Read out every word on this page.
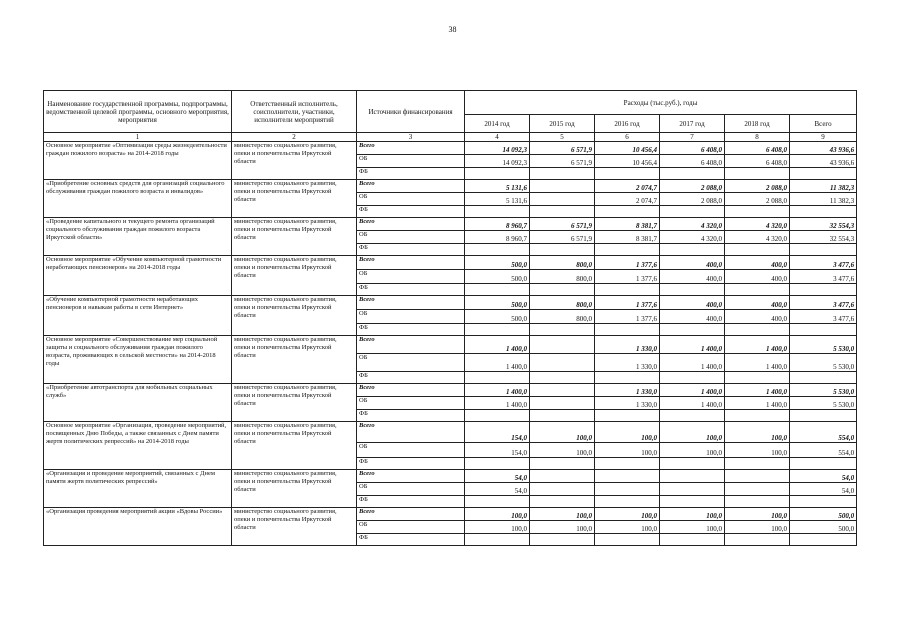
38
Наименование государственной программы, подпрограммы, ведомственной целевой программы, основного мероприятия, мероприятия	Ответственный исполнитель, соисполнители, участники, исполнители мероприятий	Источники финансирования	Расходы (тыс.руб.), годы					
			2014 год	2015 год	2016 год	2017 год	2018 год	Всего
1	2	3	4	5	6	7	8	9
Основное мероприятие «Оптимизация среды жизнедеятельности граждан пожилого возраста» на 2014-2018 годы	министерство социального развития, опеки и попечительства Иркутской области	Всего	14 092,3	6 571,9	10 456,4	6 408,0	6 408,0	43 936,6
		ОБ	14 092,3	6 571,9	10 456,4	6 408,0	6 408,0	43 936,6
		ФБ						
«Приобретение основных средств для организаций социального обслуживания граждан пожилого возраста и инвалидов»	министерство социального развития, опеки и попечительства Иркутской области	Всего	5 131,6		2 074,7	2 088,0	2 088,0	11 382,3
		ОБ	5 131,6		2 074,7	2 088,0	2 088,0	11 382,3
		ФБ						
«Проведение капитального и текущего ремонта организаций социального обслуживания граждан пожилого возраста Иркутской области»	министерство социального развития, опеки и попечительства Иркутской области	Всего	8 960,7	6 571,9	8 381,7	4 320,0	4 320,0	32 554,3
		ОБ	8 960,7	6 571,9	8 381,7	4 320,0	4 320,0	32 554,3
		ФБ						
Основное мероприятие «Обучение компьютерной грамотности неработающих пенсионеров» на 2014-2018 годы	министерство социального развития, опеки и попечительства Иркутской области	Всего	500,0	800,0	1 377,6	400,0	400,0	3 477,6
		ОБ	500,0	800,0	1 377,6	400,0	400,0	3 477,6
		ФБ						
«Обучение компьютерной грамотности неработающих пенсионеров и навыкам работы в сети Интернет»	министерство социального развития, опеки и попечительства Иркутской области	Всего	500,0	800,0	1 377,6	400,0	400,0	3 477,6
		ОБ	500,0	800,0	1 377,6	400,0	400,0	3 477,6
		ФБ						
Основное мероприятие «Совершенствование мер социальной защиты и социального обслуживания граждан пожилого возраста, проживающих в сельской местности» на 2014-2018 годы	министерство социального развития, опеки и попечительства Иркутской области	Всего	1 400,0		1 330,0	1 400,0	1 400,0	5 530,0
		ОБ	1 400,0		1 330,0	1 400,0	1 400,0	5 530,0
		ФБ						
«Приобретение автотранспорта для мобильных социальных служб»	министерство социального развития, опеки и попечительства Иркутской области	Всего	1 400,0		1 330,0	1 400,0	1 400,0	5 530,0
		ОБ	1 400,0		1 330,0	1 400,0	1 400,0	5 530,0
		ФБ						
Основное мероприятие «Организация, проведение мероприятий, посвященных Дню Победы, а также связанных с Днем памяти жертв политических репрессий» на 2014-2018 годы	министерство социального развития, опеки и попечительства Иркутской области	Всего	154,0	100,0	100,0	100,0	100,0	554,0
		ОБ	154,0	100,0	100,0	100,0	100,0	554,0
		ФБ						
«Организация и проведение мероприятий, связанных с Днем памяти жертв политических репрессий»	министерство социального развития, опеки и попечительства Иркутской области	Всего	54,0					54,0
		ОБ	54,0					54,0
		ФБ						
«Организация проведения мероприятий акции «Вдовы России»	министерство социального развития, опеки и попечительства Иркутской области	Всего	100,0	100,0	100,0	100,0	100,0	500,0
		ОБ	100,0	100,0	100,0	100,0	100,0	500,0
		ФБ						
